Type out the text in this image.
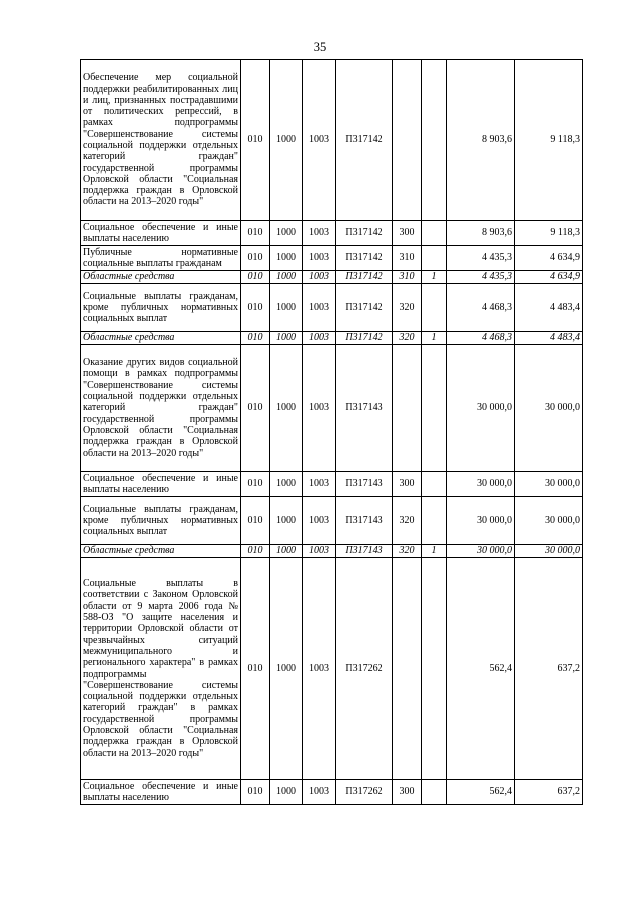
35
Обеспечение мер социальной поддержки реабилитированных лиц и лиц, признанных пострадавшими от политических репрессий, в рамках подпрограммы "Совершенствование системы социальной поддержки отдельных категорий граждан" государственной программы Орловской области "Социальная поддержка граждан в Орловской области на 2013–2020 годы"	010	1000	1003	П317142			8 903,6	9 118,3
Социальное обеспечение и иные выплаты населению	010	1000	1003	П317142	300		8 903,6	9 118,3
Публичные нормативные социальные выплаты гражданам	010	1000	1003	П317142	310		4 435,3	4 634,9
Областные средства	010	1000	1003	П317142	310	1	4 435,3	4 634,9
Социальные выплаты гражданам, кроме публичных нормативных социальных выплат	010	1000	1003	П317142	320		4 468,3	4 483,4
Областные средства	010	1000	1003	П317142	320	1	4 468,3	4 483,4
Оказание других видов социальной помощи в рамках подпрограммы "Совершенствование системы социальной поддержки отдельных категорий граждан" государственной программы Орловской области "Социальная поддержка граждан в Орловской области на 2013–2020 годы"	010	1000	1003	П317143			30 000,0	30 000,0
Социальное обеспечение и иные выплаты населению	010	1000	1003	П317143	300		30 000,0	30 000,0
Социальные выплаты гражданам, кроме публичных нормативных социальных выплат	010	1000	1003	П317143	320		30 000,0	30 000,0
Областные средства	010	1000	1003	П317143	320	1	30 000,0	30 000,0
Социальные выплаты в соответствии с Законом Орловской области от 9 марта 2006 года № 588-ОЗ "О защите населения и территории Орловской области от чрезвычайных ситуаций межмуниципального и регионального характера" в рамках подпрограммы "Совершенствование системы социальной поддержки отдельных категорий граждан" в рамках государственной программы Орловской области "Социальная поддержка граждан в Орловской области на 2013–2020 годы"	010	1000	1003	П317262			562,4	637,2
Социальное обеспечение и иные выплаты населению	010	1000	1003	П317262	300		562,4	637,2
